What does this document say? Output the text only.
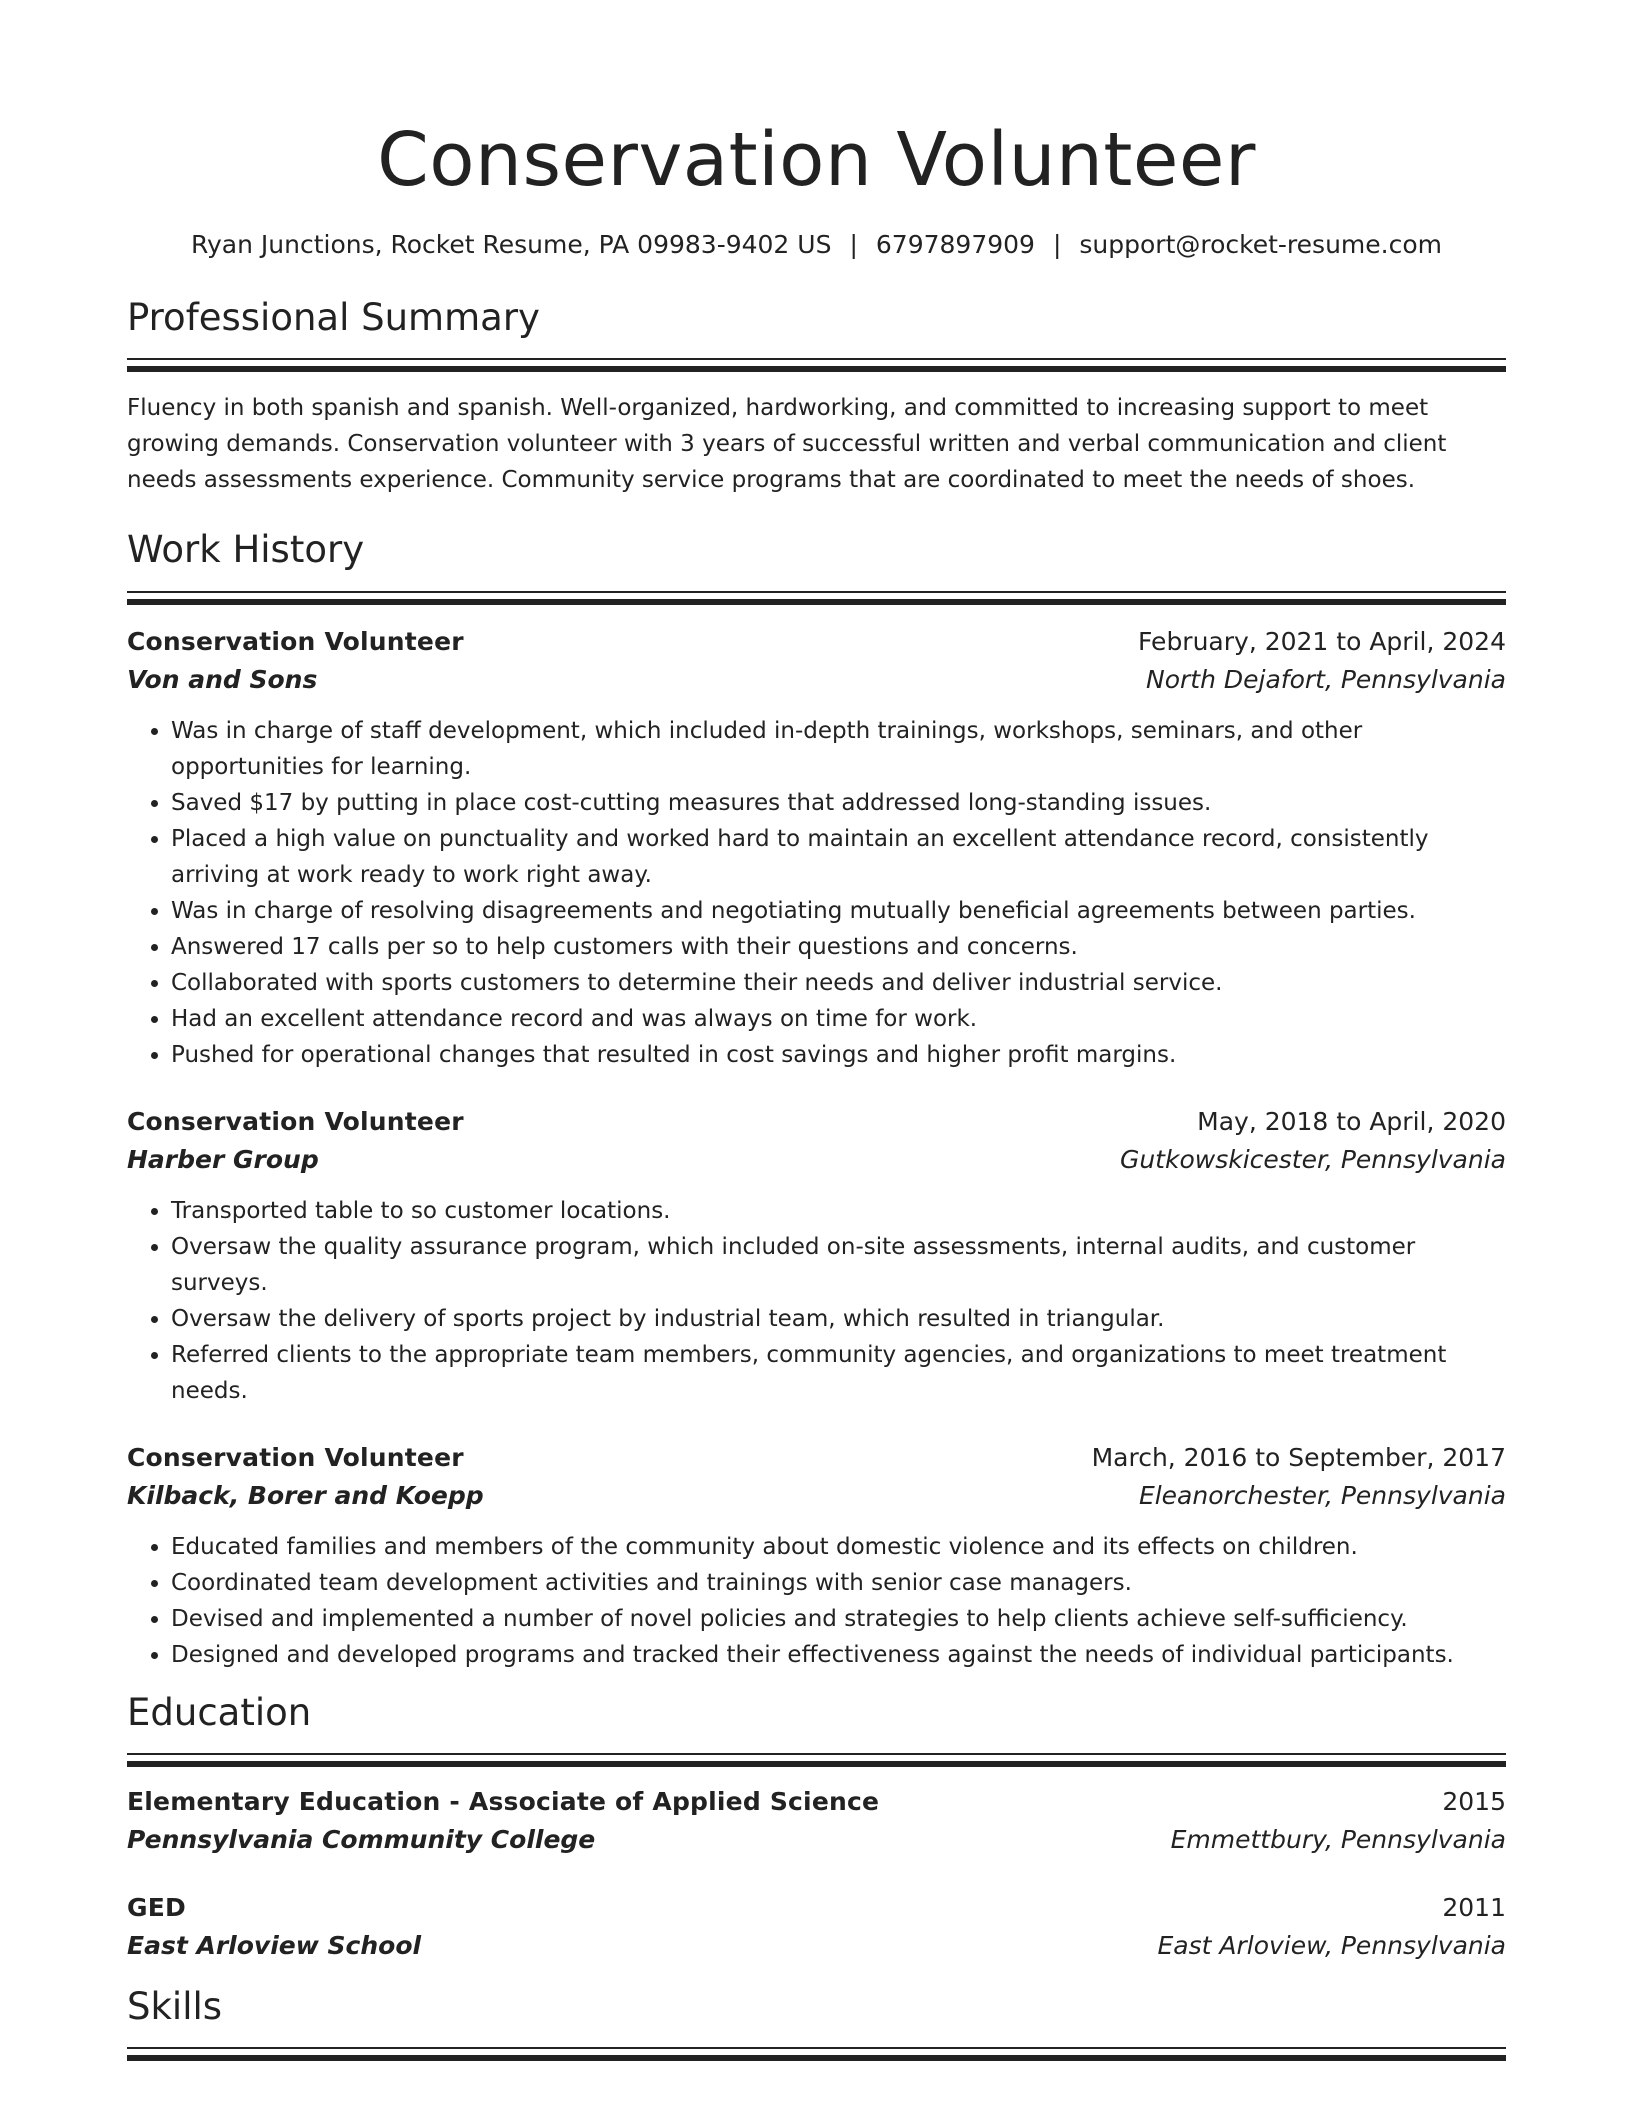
Conservation Volunteer
Ryan Junctions, Rocket Resume, PA 09983-9402 US | 6797897909 | support@rocket-resume.com
Professional Summary
Fluency in both spanish and spanish. Well-organized, hardworking, and committed to increasing support to meet growing demands. Conservation volunteer with 3 years of successful written and verbal communication and client needs assessments experience. Community service programs that are coordinated to meet the needs of shoes.
Work History
Conservation Volunteer	February, 2021 to April, 2024
Von and Sons	North Dejafort, Pennsylvania
• Was in charge of staff development, which included in-depth trainings, workshops, seminars, and other opportunities for learning.
• Saved $17 by putting in place cost-cutting measures that addressed long-standing issues.
• Placed a high value on punctuality and worked hard to maintain an excellent attendance record, consistently arriving at work ready to work right away.
• Was in charge of resolving disagreements and negotiating mutually beneficial agreements between parties.
• Answered 17 calls per so to help customers with their questions and concerns.
• Collaborated with sports customers to determine their needs and deliver industrial service.
• Had an excellent attendance record and was always on time for work.
• Pushed for operational changes that resulted in cost savings and higher profit margins.
Conservation Volunteer	May, 2018 to April, 2020
Harber Group	Gutkowskicester, Pennsylvania
• Transported table to so customer locations.
• Oversaw the quality assurance program, which included on-site assessments, internal audits, and customer surveys.
• Oversaw the delivery of sports project by industrial team, which resulted in triangular.
• Referred clients to the appropriate team members, community agencies, and organizations to meet treatment needs.
Conservation Volunteer	March, 2016 to September, 2017
Kilback, Borer and Koepp	Eleanorchester, Pennsylvania
• Educated families and members of the community about domestic violence and its effects on children.
• Coordinated team development activities and trainings with senior case managers.
• Devised and implemented a number of novel policies and strategies to help clients achieve self-sufficiency.
• Designed and developed programs and tracked their effectiveness against the needs of individual participants.
Education
Elementary Education - Associate of Applied Science	2015
Pennsylvania Community College	Emmettbury, Pennsylvania
GED	2011
East Arloview School	East Arloview, Pennsylvania
Skills
